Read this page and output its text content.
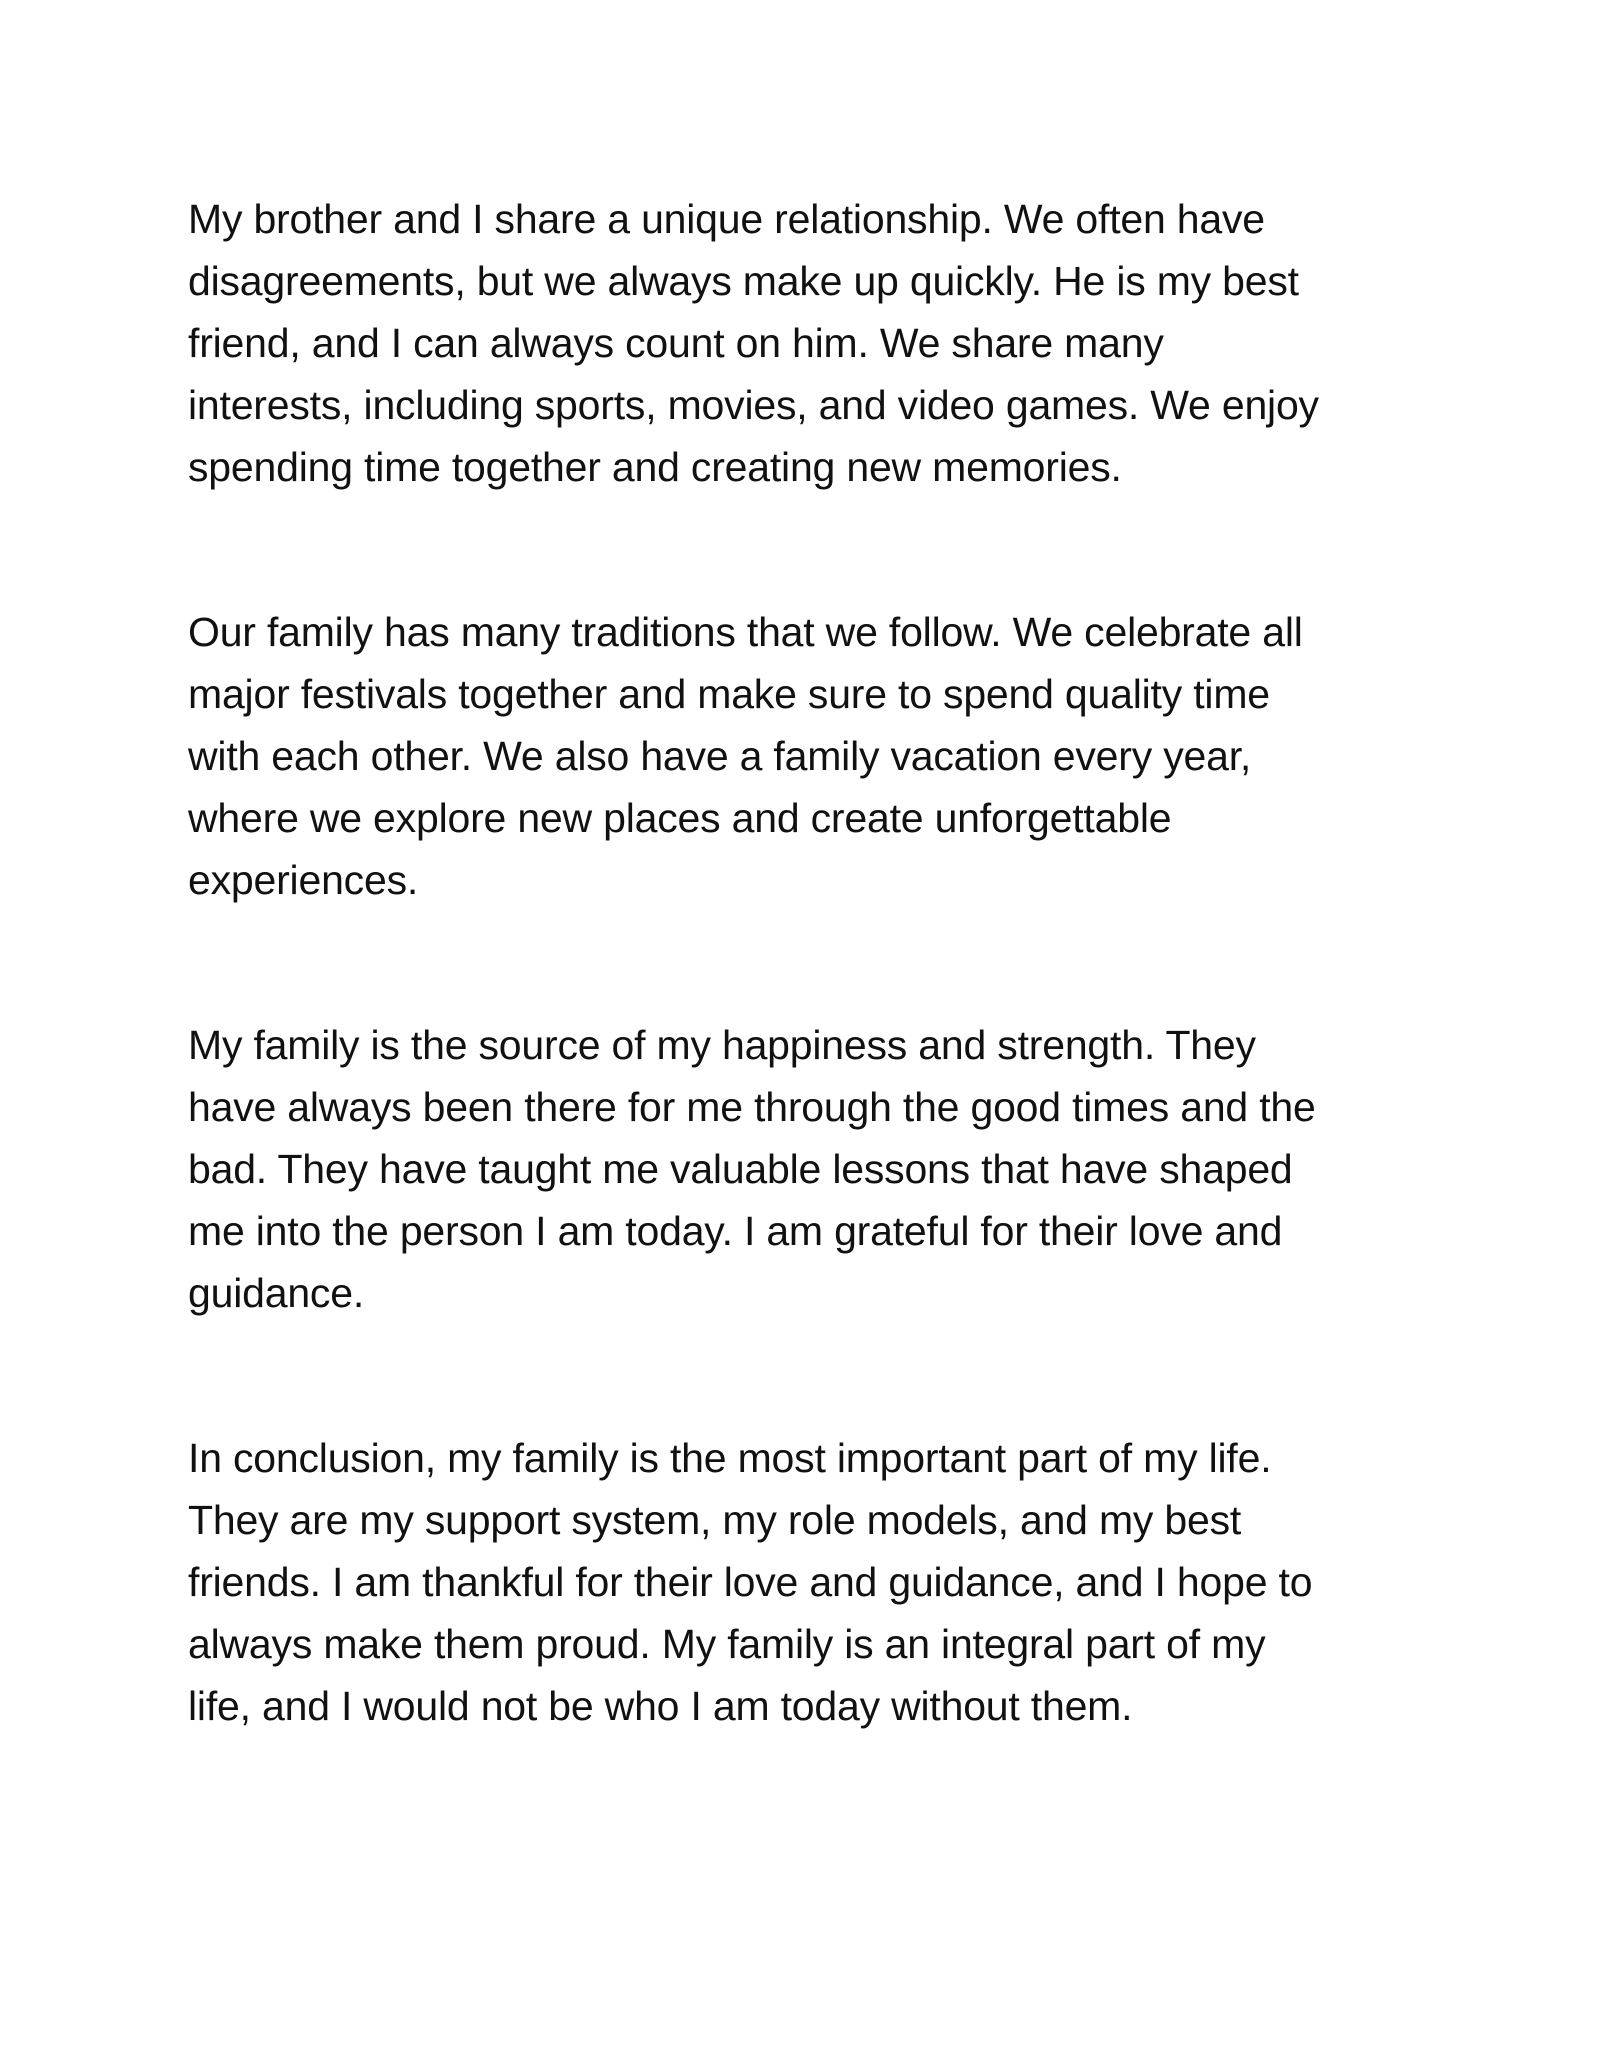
My brother and I share a unique relationship. We often have
disagreements, but we always make up quickly. He is my best
friend, and I can always count on him. We share many
interests, including sports, movies, and video games. We enjoy
spending time together and creating new memories.

Our family has many traditions that we follow. We celebrate all
major festivals together and make sure to spend quality time
with each other. We also have a family vacation every year,
where we explore new places and create unforgettable
experiences.

My family is the source of my happiness and strength. They
have always been there for me through the good times and the
bad. They have taught me valuable lessons that have shaped
me into the person I am today. I am grateful for their love and
guidance.

In conclusion, my family is the most important part of my life.
They are my support system, my role models, and my best
friends. I am thankful for their love and guidance, and I hope to
always make them proud. My family is an integral part of my
life, and I would not be who I am today without them.
